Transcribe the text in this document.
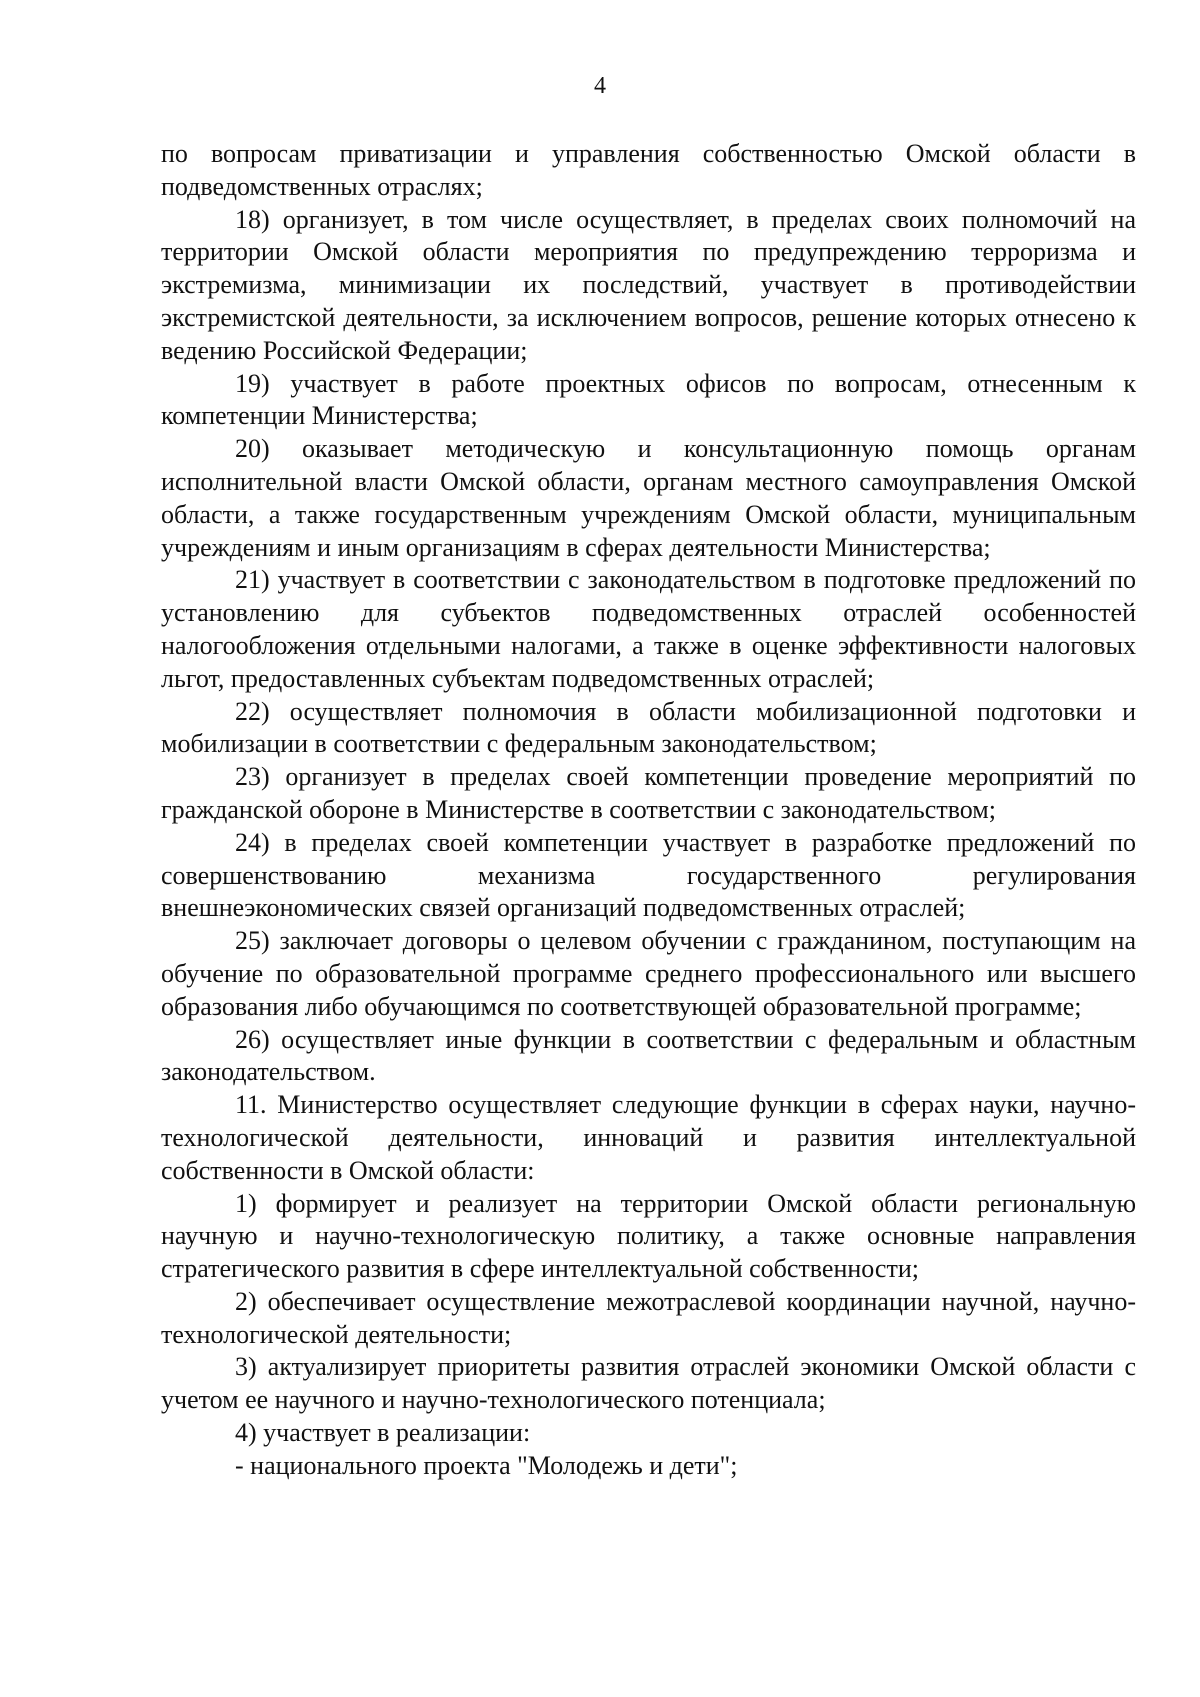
4

по вопросам приватизации и управления собственностью Омской области в подведомственных отраслях;

18) организует, в том числе осуществляет, в пределах своих полномочий на территории Омской области мероприятия по предупреждению терроризма и экстремизма, минимизации их последствий, участвует в противодействии экстремистской деятельности, за исключением вопросов, решение которых отнесено к ведению Российской Федерации;

19) участвует в работе проектных офисов по вопросам, отнесенным к компетенции Министерства;

20) оказывает методическую и консультационную помощь органам исполнительной власти Омской области, органам местного самоуправления Омской области, а также государственным учреждениям Омской области, муниципальным учреждениям и иным организациям в сферах деятельности Министерства;

21) участвует в соответствии с законодательством в подготовке предложений по установлению для субъектов подведомственных отраслей особенностей налогообложения отдельными налогами, а также в оценке эффективности налоговых льгот, предоставленных субъектам подведомственных отраслей;

22) осуществляет полномочия в области мобилизационной подготовки и мобилизации в соответствии с федеральным законодательством;

23) организует в пределах своей компетенции проведение мероприятий по гражданской обороне в Министерстве в соответствии с законодательством;

24) в пределах своей компетенции участвует в разработке предложений по совершенствованию механизма государственного регулирования внешнеэкономических связей организаций подведомственных отраслей;

25) заключает договоры о целевом обучении с гражданином, поступающим на обучение по образовательной программе среднего профессионального или высшего образования либо обучающимся по соответствующей образовательной программе;

26) осуществляет иные функции в соответствии с федеральным и областным законодательством.

11. Министерство осуществляет следующие функции в сферах науки, научно-технологической деятельности, инноваций и развития интеллектуальной собственности в Омской области:

1) формирует и реализует на территории Омской области региональную научную и научно-технологическую политику, а также основные направления стратегического развития в сфере интеллектуальной собственности;

2) обеспечивает осуществление межотраслевой координации научной, научно-технологической деятельности;

3) актуализирует приоритеты развития отраслей экономики Омской области с учетом ее научного и научно-технологического потенциала;

4) участвует в реализации:

- национального проекта "Молодежь и дети";
